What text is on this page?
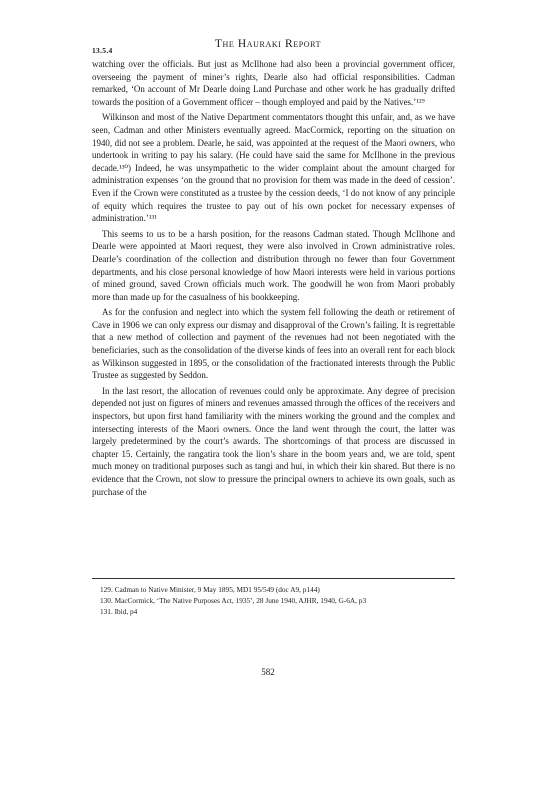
The Hauraki Report
13.5.4

watching over the officials. But just as McIlhone had also been a provincial government officer, overseeing the payment of miner’s rights, Dearle also had official responsibilities. Cadman remarked, ‘On account of Mr Dearle doing Land Purchase and other work he has gradually drifted towards the position of a Government officer – though employed and paid by the Natives.’¹²⁹

Wilkinson and most of the Native Department commentators thought this unfair, and, as we have seen, Cadman and other Ministers eventually agreed. MacCormick, reporting on the situation on 1940, did not see a problem. Dearle, he said, was appointed at the request of the Maori owners, who undertook in writing to pay his salary. (He could have said the same for McIlhone in the previous decade.¹³⁰) Indeed, he was unsympathetic to the wider complaint about the amount charged for administration expenses ‘on the ground that no provision for them was made in the deed of cession’. Even if the Crown were constituted as a trustee by the cession deeds, ‘I do not know of any principle of equity which requires the trustee to pay out of his own pocket for necessary expenses of administration.’¹³¹

This seems to us to be a harsh position, for the reasons Cadman stated. Though McIlhone and Dearle were appointed at Maori request, they were also involved in Crown administrative roles. Dearle’s coordination of the collection and distribution through no fewer than four Government departments, and his close personal knowledge of how Maori interests were held in various portions of mined ground, saved Crown officials much work. The goodwill he won from Maori probably more than made up for the casualness of his bookkeeping.

As for the confusion and neglect into which the system fell following the death or retirement of Cave in 1906 we can only express our dismay and disapproval of the Crown’s failing. It is regrettable that a new method of collection and payment of the revenues had not been negotiated with the beneficiaries, such as the consolidation of the diverse kinds of fees into an overall rent for each block as Wilkinson suggested in 1895, or the consolidation of the fractionated interests through the Public Trustee as suggested by Seddon.

In the last resort, the allocation of revenues could only be approximate. Any degree of precision depended not just on figures of miners and revenues amassed through the offices of the receivers and inspectors, but upon first hand familiarity with the miners working the ground and the complex and intersecting interests of the Maori owners. Once the land went through the court, the latter was largely predetermined by the court’s awards. The shortcomings of that process are discussed in chapter 15. Certainly, the rangatira took the lion’s share in the boom years and, we are told, spent much money on traditional purposes such as tangi and hui, in which their kin shared. But there is no evidence that the Crown, not slow to pressure the principal owners to achieve its own goals, such as purchase of the

129. Cadman to Native Minister, 9 May 1895, MD1 95/549 (doc A9, p144)
130. MacCormick, ‘The Native Purposes Act, 1935’, 28 June 1940, AJHR, 1940, G-6A, p3
131. Ibid, p4
582
